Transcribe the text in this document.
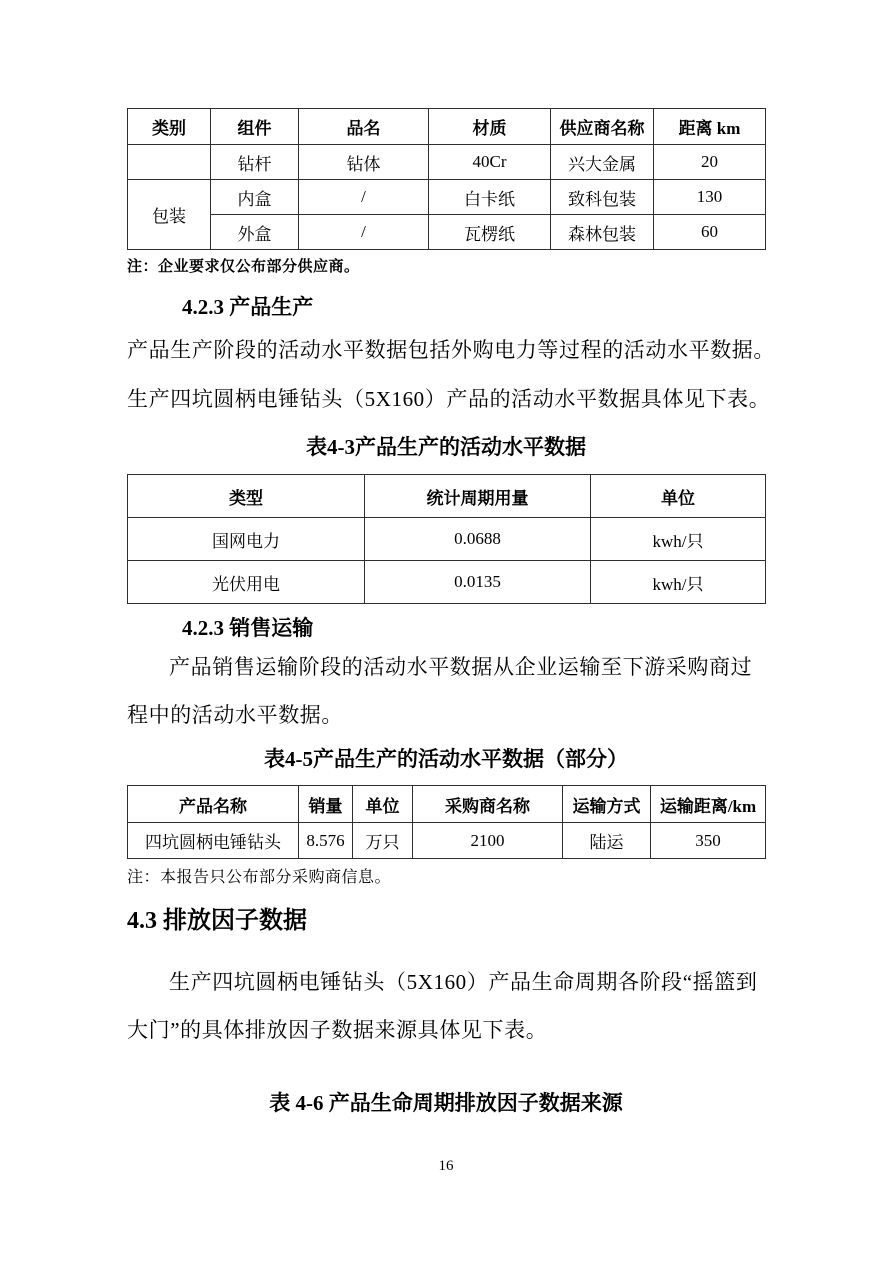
类别	组件	品名	材质	供应商名称	距离 km
	钻杆	钻体	40Cr	兴大金属	20
包装	内盒	/	白卡纸	致科包装	130
	外盒	/	瓦楞纸	森林包装	60
注：企业要求仅公布部分供应商。
4.2.3 产品生产
产品生产阶段的活动水平数据包括外购电力等过程的活动水平数据。
生产四坑圆柄电锤钻头（5X160）产品的活动水平数据具体见下表。
表4-3产品生产的活动水平数据
类型	统计周期用量	单位
国网电力	0.0688	kwh/只
光伏用电	0.0135	kwh/只
4.2.3 销售运输
产品销售运输阶段的活动水平数据从企业运输至下游采购商过
程中的活动水平数据。
表4-5产品生产的活动水平数据（部分）
产品名称	销量	单位	采购商名称	运输方式	运输距离/km
四坑圆柄电锤钻头	8.576	万只	2100	陆运	350
注：本报告只公布部分采购商信息。
4.3 排放因子数据
生产四坑圆柄电锤钻头（5X160）产品生命周期各阶段“摇篮到
大门”的具体排放因子数据来源具体见下表。
表 4-6 产品生命周期排放因子数据来源
16
